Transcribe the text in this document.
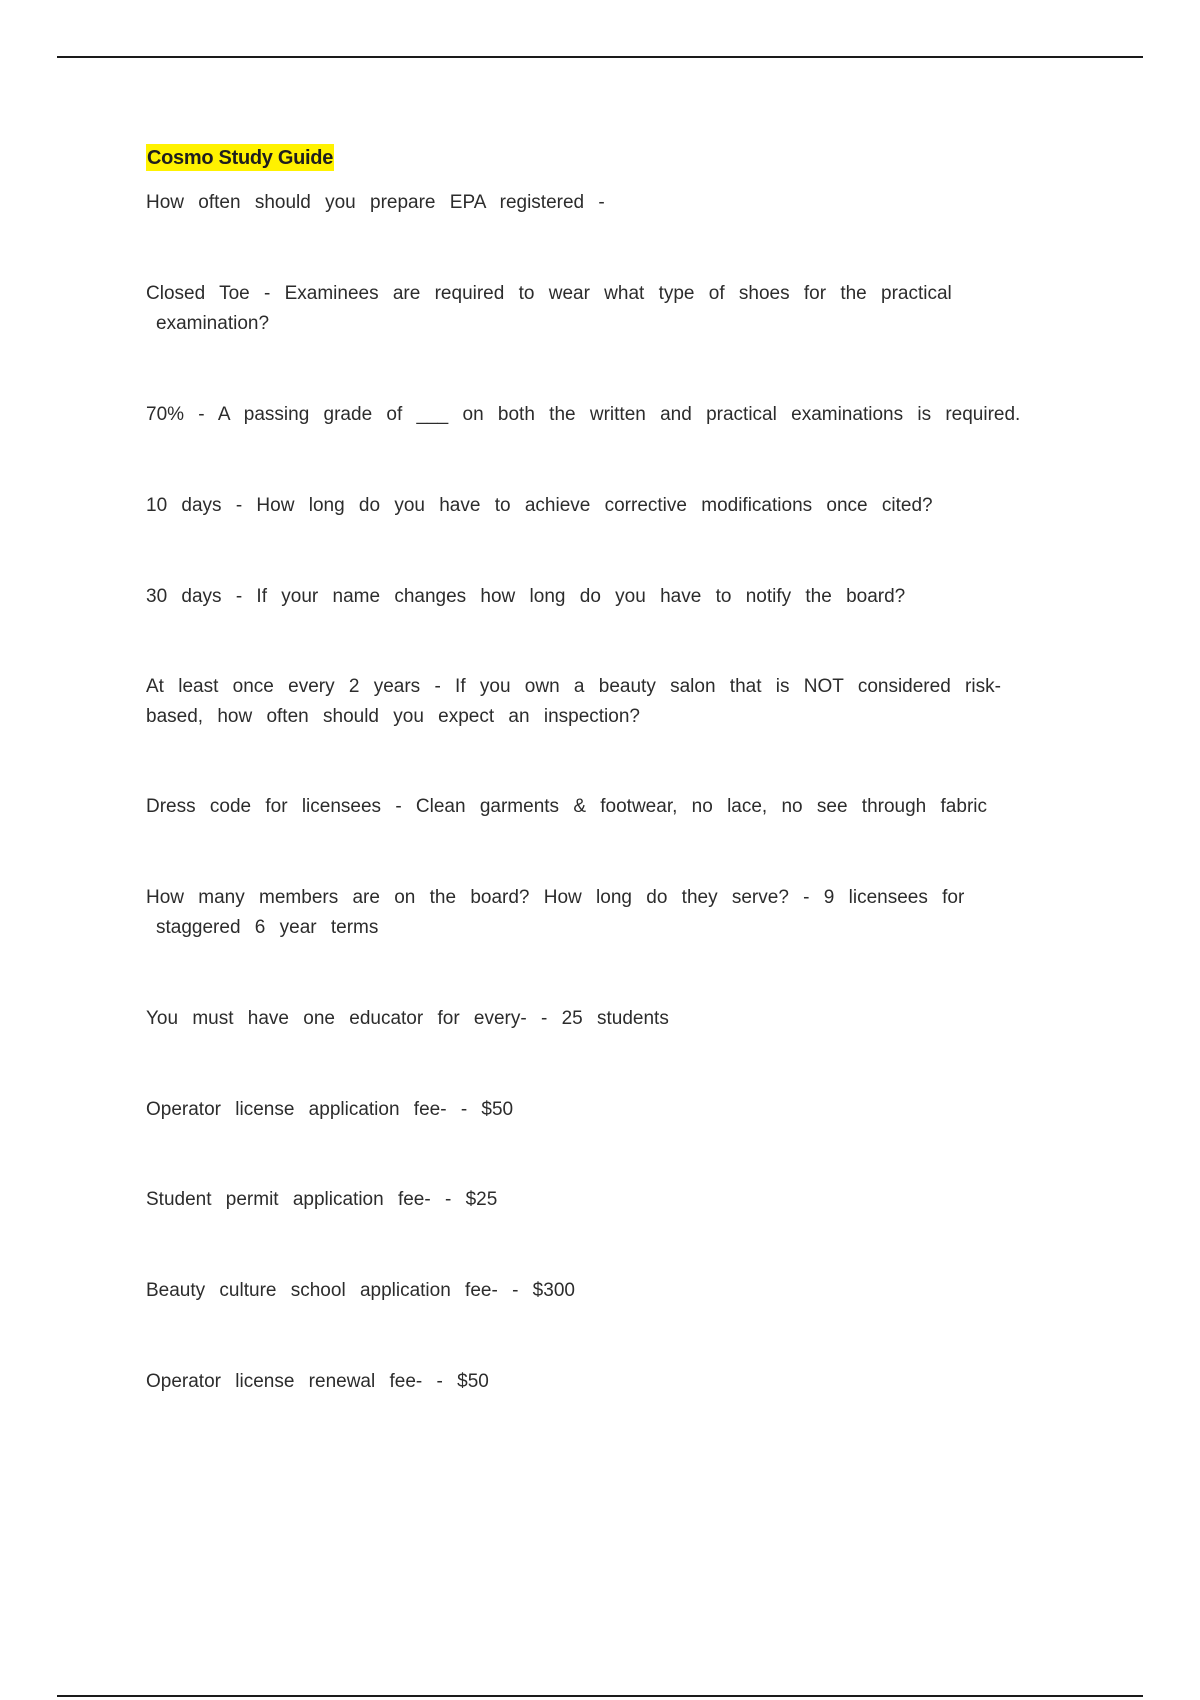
Cosmo Study Guide
How often should you prepare EPA registered -
Closed Toe - Examinees are required to wear what type of shoes for the practical
examination?
70% - A passing grade of ___ on both the written and practical examinations is required.
10 days - How long do you have to achieve corrective modifications once cited?
30 days - If your name changes how long do you have to notify the board?
At least once every 2 years - If you own a beauty salon that is NOT considered risk-
based, how often should you expect an inspection?
Dress code for licensees - Clean garments & footwear, no lace, no see through fabric
How many members are on the board? How long do they serve? - 9 licensees for
staggered 6 year terms
You must have one educator for every- - 25 students
Operator license application fee- - $50
Student permit application fee- - $25
Beauty culture school application fee- - $300
Operator license renewal fee- - $50
